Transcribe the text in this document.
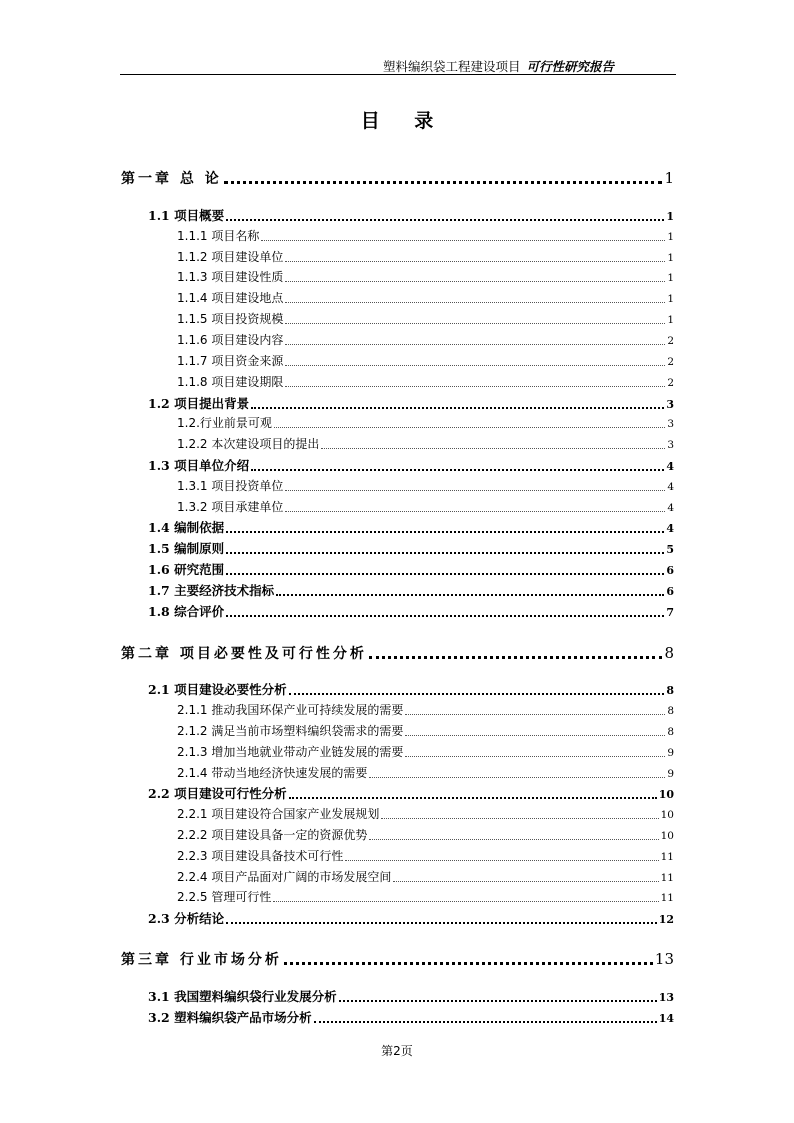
塑料编织袋工程建设项目 可行性研究报告
目 录
第一章 总 论	1
1.1 项目概要	1
1.1.1 项目名称	1
1.1.2 项目建设单位	1
1.1.3 项目建设性质	1
1.1.4 项目建设地点	1
1.1.5 项目投资规模	1
1.1.6 项目建设内容	2
1.1.7 项目资金来源	2
1.1.8 项目建设期限	2
1.2 项目提出背景	3
1.2.行业前景可观	3
1.2.2 本次建设项目的提出	3
1.3 项目单位介绍	4
1.3.1 项目投资单位	4
1.3.2 项目承建单位	4
1.4 编制依据	4
1.5 编制原则	5
1.6 研究范围	6
1.7 主要经济技术指标	6
1.8 综合评价	7
第二章 项目必要性及可行性分析	8
2.1 项目建设必要性分析	8
2.1.1 推动我国环保产业可持续发展的需要	8
2.1.2 满足当前市场塑料编织袋需求的需要	8
2.1.3 增加当地就业带动产业链发展的需要	9
2.1.4 带动当地经济快速发展的需要	9
2.2 项目建设可行性分析	10
2.2.1 项目建设符合国家产业发展规划	10
2.2.2 项目建设具备一定的资源优势	10
2.2.3 项目建设具备技术可行性	11
2.2.4 项目产品面对广阔的市场发展空间	11
2.2.5 管理可行性	11
2.3 分析结论	12
第三章 行业市场分析	13
3.1 我国塑料编织袋行业发展分析	13
3.2 塑料编织袋产品市场分析	14
第2页
